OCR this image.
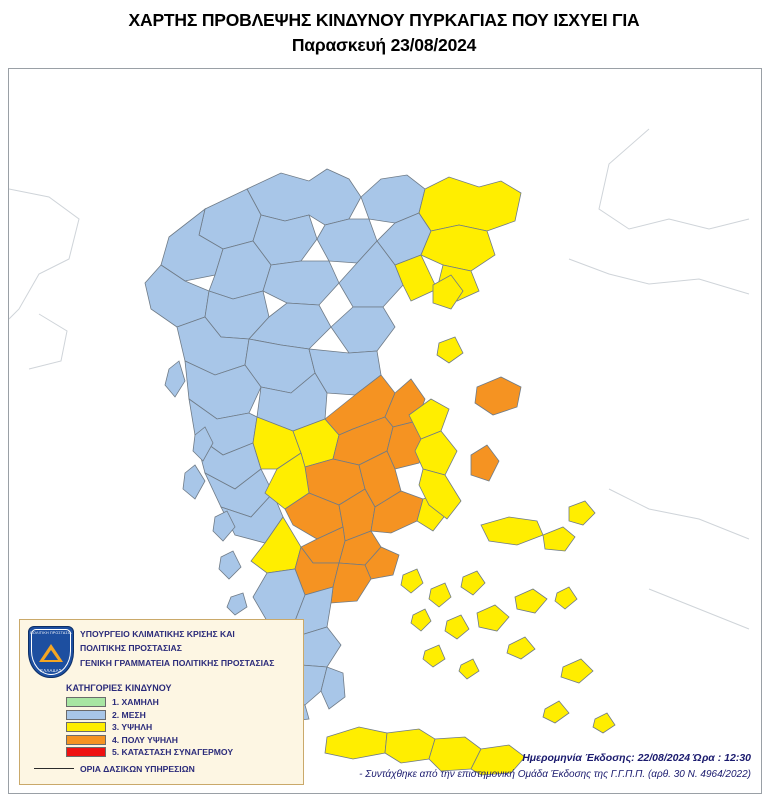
ΧΑΡΤΗΣ ΠΡΟΒΛΕΨΗΣ ΚΙΝΔΥΝΟΥ ΠΥΡΚΑΓΙΑΣ ΠΟΥ ΙΣΧΥΕΙ ΓΙΑ
Παρασκευή 23/08/2024
ΠΟΛΙΤΙΚΗ ΠΡΟΣΤΑΣΙΑ
ΕΛΛΑΔΑΣ
ΥΠΟΥΡΓΕΙΟ ΚΛΙΜΑΤΙΚΗΣ ΚΡΙΣΗΣ ΚΑΙ
ΠΟΛΙΤΙΚΗΣ ΠΡΟΣΤΑΣΙΑΣ
ΓΕΝΙΚΗ ΓΡΑΜΜΑΤΕΙΑ ΠΟΛΙΤΙΚΗΣ ΠΡΟΣΤΑΣΙΑΣ
ΚΑΤΗΓΟΡΙΕΣ ΚΙΝΔΥΝΟΥ
1. ΧΑΜΗΛΗ
2. ΜΕΣΗ
3. ΥΨΗΛΗ
4. ΠΟΛΥ ΥΨΗΛΗ
5. ΚΑΤΑΣΤΑΣΗ ΣΥΝΑΓΕΡΜΟΥ
ΟΡΙΑ ΔΑΣΙΚΩΝ ΥΠΗΡΕΣΙΩΝ
Ημερομηνία Έκδοσης: 22/08/2024 Ώρα : 12:30
- Συντάχθηκε από την επιστημονική Ομάδα Έκδοσης της Γ.Γ.Π.Π. (αρθ. 30 Ν. 4964/2022)
